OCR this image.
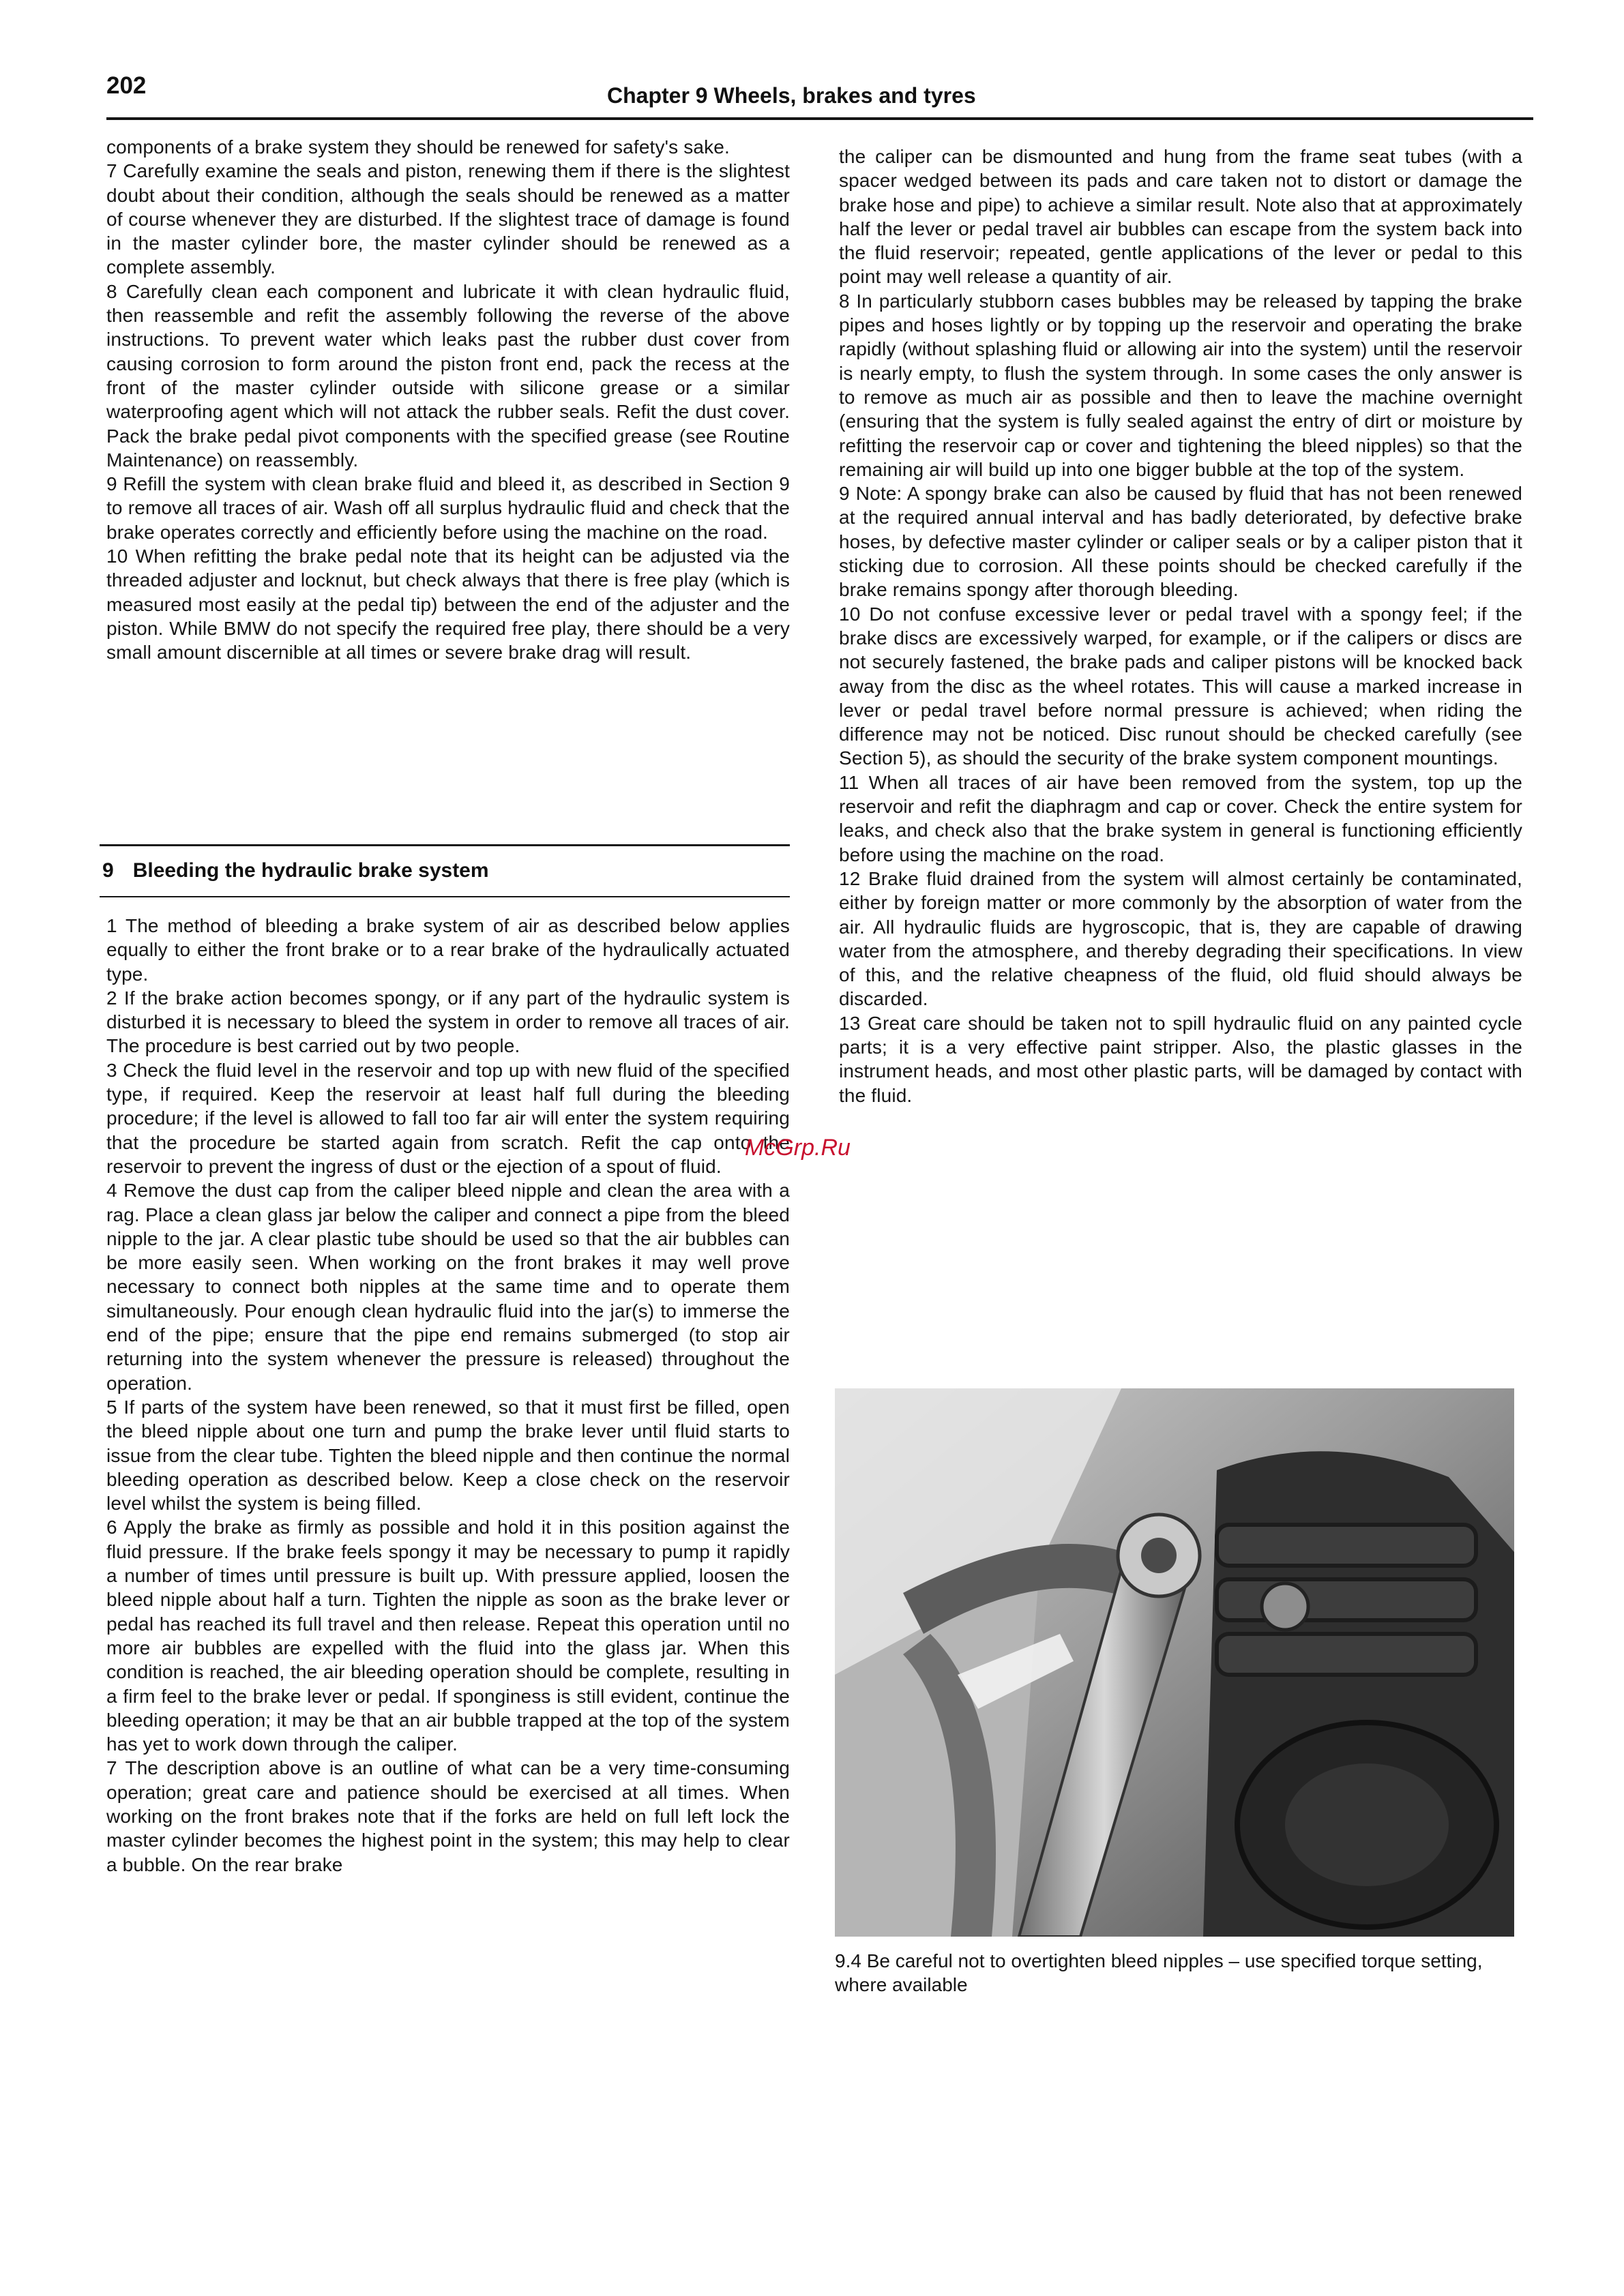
202	Chapter 9 Wheels, brakes and tyres

components of a brake system they should be renewed for safety's sake.

7 Carefully examine the seals and piston, renewing them if there is the slightest doubt about their condition, although the seals should be renewed as a matter of course whenever they are disturbed. If the slightest trace of damage is found in the master cylinder bore, the master cylinder should be renewed as a complete assembly.

8 Carefully clean each component and lubricate it with clean hydraulic fluid, then reassemble and refit the assembly following the reverse of the above instructions. To prevent water which leaks past the rubber dust cover from causing corrosion to form around the piston front end, pack the recess at the front of the master cylinder outside with silicone grease or a similar waterproofing agent which will not attack the rubber seals. Refit the dust cover. Pack the brake pedal pivot components with the specified grease (see Routine Maintenance) on reassembly.

9 Refill the system with clean brake fluid and bleed it, as described in Section 9 to remove all traces of air. Wash off all surplus hydraulic fluid and check that the brake operates correctly and efficiently before using the machine on the road.

10 When refitting the brake pedal note that its height can be adjusted via the threaded adjuster and locknut, but check always that there is free play (which is measured most easily at the pedal tip) between the end of the adjuster and the piston. While BMW do not specify the required free play, there should be a very small amount discernible at all times or severe brake drag will result.

9 Bleeding the hydraulic brake system

1 The method of bleeding a brake system of air as described below applies equally to either the front brake or to a rear brake of the hydraulically actuated type.

2 If the brake action becomes spongy, or if any part of the hydraulic system is disturbed it is necessary to bleed the system in order to remove all traces of air. The procedure is best carried out by two people.

3 Check the fluid level in the reservoir and top up with new fluid of the specified type, if required. Keep the reservoir at least half full during the bleeding procedure; if the level is allowed to fall too far air will enter the system requiring that the procedure be started again from scratch. Refit the cap onto the reservoir to prevent the ingress of dust or the ejection of a spout of fluid.

4 Remove the dust cap from the caliper bleed nipple and clean the area with a rag. Place a clean glass jar below the caliper and connect a pipe from the bleed nipple to the jar. A clear plastic tube should be used so that the air bubbles can be more easily seen. When working on the front brakes it may well prove necessary to connect both nipples at the same time and to operate them simultaneously. Pour enough clean hydraulic fluid into the jar(s) to immerse the end of the pipe; ensure that the pipe end remains submerged (to stop air returning into the system whenever the pressure is released) throughout the operation.

5 If parts of the system have been renewed, so that it must first be filled, open the bleed nipple about one turn and pump the brake lever until fluid starts to issue from the clear tube. Tighten the bleed nipple and then continue the normal bleeding operation as described below. Keep a close check on the reservoir level whilst the system is being filled.

6 Apply the brake as firmly as possible and hold it in this position against the fluid pressure. If the brake feels spongy it may be necessary to pump it rapidly a number of times until pressure is built up. With pressure applied, loosen the bleed nipple about half a turn. Tighten the nipple as soon as the brake lever or pedal has reached its full travel and then release. Repeat this operation until no more air bubbles are expelled with the fluid into the glass jar. When this condition is reached, the air bleeding operation should be complete, resulting in a firm feel to the brake lever or pedal. If sponginess is still evident, continue the bleeding operation; it may be that an air bubble trapped at the top of the system has yet to work down through the caliper.

7 The description above is an outline of what can be a very time-consuming operation; great care and patience should be exercised at all times. When working on the front brakes note that if the forks are held on full left lock the master cylinder becomes the highest point in the system; this may help to clear a bubble. On the rear brake

the caliper can be dismounted and hung from the frame seat tubes (with a spacer wedged between its pads and care taken not to distort or damage the brake hose and pipe) to achieve a similar result. Note also that at approximately half the lever or pedal travel air bubbles can escape from the system back into the fluid reservoir; repeated, gentle applications of the lever or pedal to this point may well release a quantity of air.

8 In particularly stubborn cases bubbles may be released by tapping the brake pipes and hoses lightly or by topping up the reservoir and operating the brake rapidly (without splashing fluid or allowing air into the system) until the reservoir is nearly empty, to flush the system through. In some cases the only answer is to remove as much air as possible and then to leave the machine overnight (ensuring that the system is fully sealed against the entry of dirt or moisture by refitting the reservoir cap or cover and tightening the bleed nipples) so that the remaining air will build up into one bigger bubble at the top of the system.

9 Note: A spongy brake can also be caused by fluid that has not been renewed at the required annual interval and has badly deteriorated, by defective brake hoses, by defective master cylinder or caliper seals or by a caliper piston that it sticking due to corrosion. All these points should be checked carefully if the brake remains spongy after thorough bleeding.

10 Do not confuse excessive lever or pedal travel with a spongy feel; if the brake discs are excessively warped, for example, or if the calipers or discs are not securely fastened, the brake pads and caliper pistons will be knocked back away from the disc as the wheel rotates. This will cause a marked increase in lever or pedal travel before normal pressure is achieved; when riding the difference may not be noticed. Disc runout should be checked carefully (see Section 5), as should the security of the brake system component mountings.

11 When all traces of air have been removed from the system, top up the reservoir and refit the diaphragm and cap or cover. Check the entire system for leaks, and check also that the brake system in general is functioning efficiently before using the machine on the road.

12 Brake fluid drained from the system will almost certainly be contaminated, either by foreign matter or more commonly by the absorption of water from the air. All hydraulic fluids are hygroscopic, that is, they are capable of drawing water from the atmosphere, and thereby degrading their specifications. In view of this, and the relative cheapness of the fluid, old fluid should always be discarded.

13 Great care should be taken not to spill hydraulic fluid on any painted cycle parts; it is a very effective paint stripper. Also, the plastic glasses in the instrument heads, and most other plastic parts, will be damaged by contact with the fluid.

McGrp.Ru
9.4 Be careful not to overtighten bleed nipples – use specified torque setting, where available
